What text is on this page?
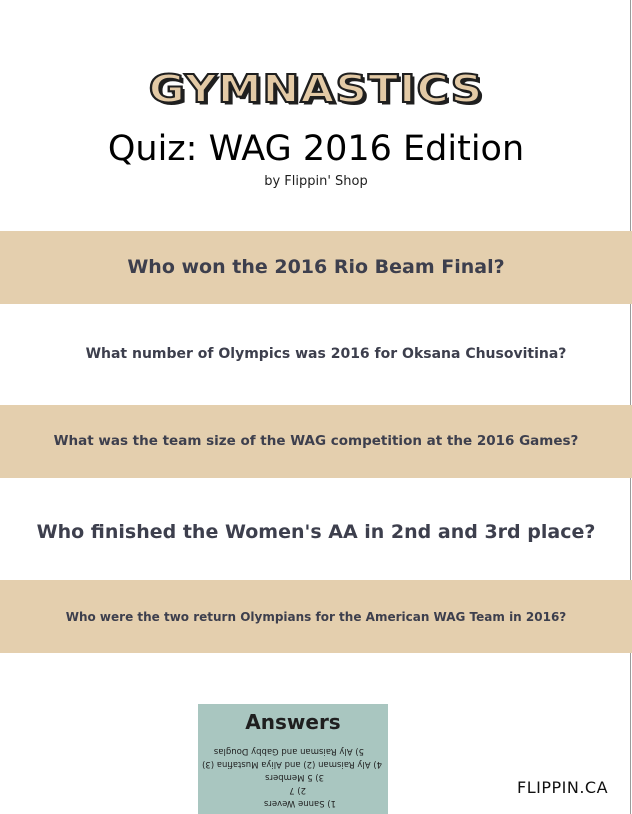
GYMNASTICS
Quiz: WAG 2016 Edition
by Flippin' Shop
Who won the 2016 Rio Beam Final?
What number of Olympics was 2016 for Oksana Chusovitina?
What was the team size of the WAG competition at the 2016 Games?
Who finished the Women's AA in 2nd and 3rd place?
Who were the two return Olympians for the American WAG Team in 2016?
Answers
1) Sanne Wevers
2) 7
3) 5 Members
4) Aly Raisman (2) and Aliya Mustafina (3)
5) Aly Raisman and Gabby Douglas
FLIPPIN.CA
